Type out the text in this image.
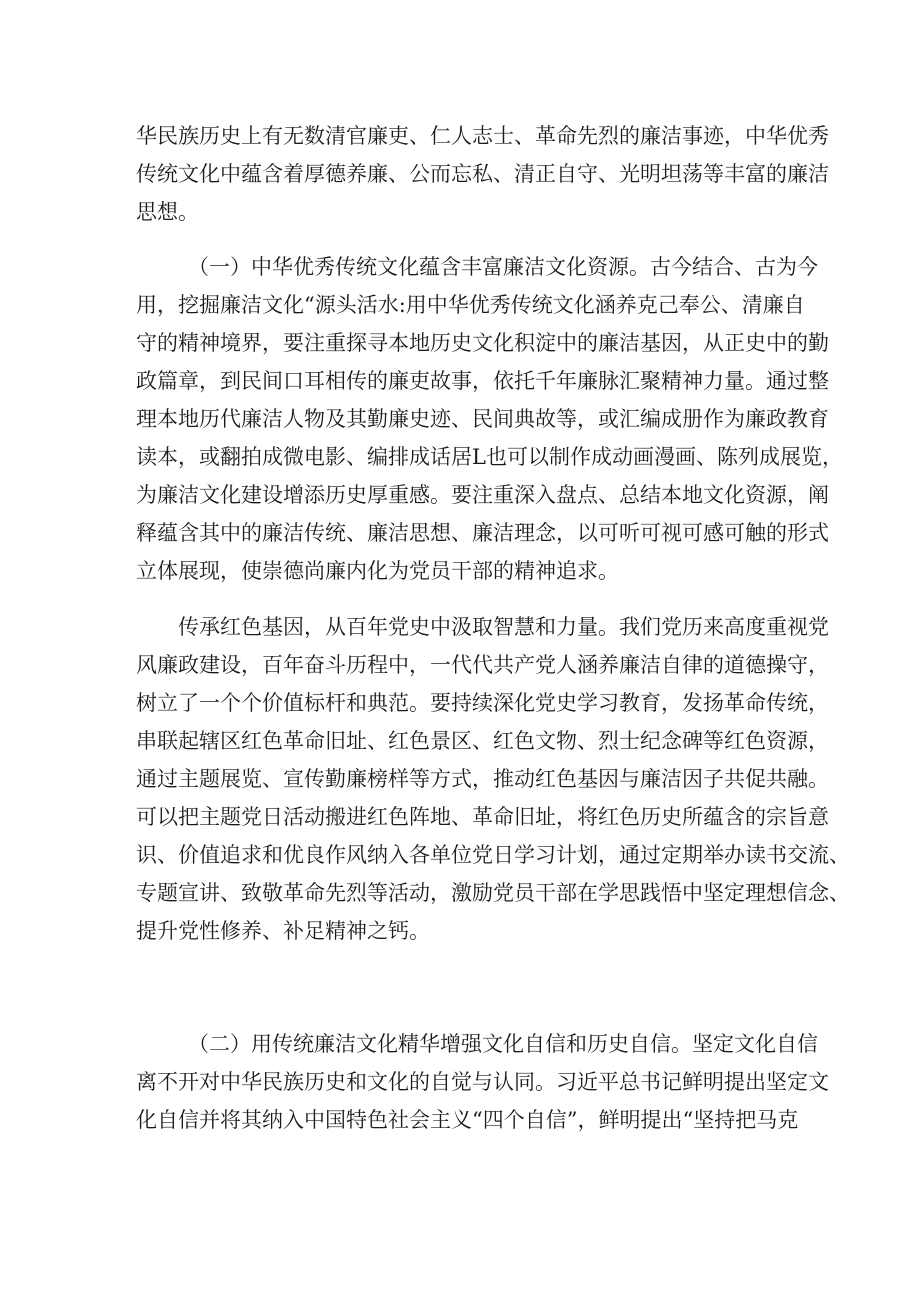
华民族历史上有无数清官廉吏、仁人志士、革命先烈的廉洁事迹，中华优秀
传统文化中蕴含着厚德养廉、公而忘私、清正自守、光明坦荡等丰富的廉洁
思想。
（一）中华优秀传统文化蕴含丰富廉洁文化资源。古今结合、古为今
用，挖掘廉洁文化“源头活水:用中华优秀传统文化涵养克己奉公、清廉自
守的精神境界，要注重探寻本地历史文化积淀中的廉洁基因，从正史中的勤
政篇章，到民间口耳相传的廉吏故事，依托千年廉脉汇聚精神力量。通过整
理本地历代廉洁人物及其勤廉史迹、民间典故等，或汇编成册作为廉政教育
读本，或翻拍成微电影、编排成话居L也可以制作成动画漫画、陈列成展览，
为廉洁文化建设增添历史厚重感。要注重深入盘点、总结本地文化资源，阐
释蕴含其中的廉洁传统、廉洁思想、廉洁理念，以可听可视可感可触的形式
立体展现，使崇德尚廉内化为党员干部的精神追求。
传承红色基因，从百年党史中汲取智慧和力量。我们党历来高度重视党
风廉政建设，百年奋斗历程中，一代代共产党人涵养廉洁自律的道德操守，
树立了一个个价值标杆和典范。要持续深化党史学习教育，发扬革命传统，
串联起辖区红色革命旧址、红色景区、红色文物、烈士纪念碑等红色资源，
通过主题展览、宣传勤廉榜样等方式，推动红色基因与廉洁因子共促共融。
可以把主题党日活动搬进红色阵地、革命旧址，将红色历史所蕴含的宗旨意
识、价值追求和优良作风纳入各单位党日学习计划，通过定期举办读书交流、
专题宣讲、致敬革命先烈等活动，激励党员干部在学思践悟中坚定理想信念、
提升党性修养、补足精神之钙。
（二）用传统廉洁文化精华增强文化自信和历史自信。坚定文化自信
离不开对中华民族历史和文化的自觉与认同。习近平总书记鲜明提出坚定文
化自信并将其纳入中国特色社会主义“四个自信”，鲜明提出“坚持把马克
